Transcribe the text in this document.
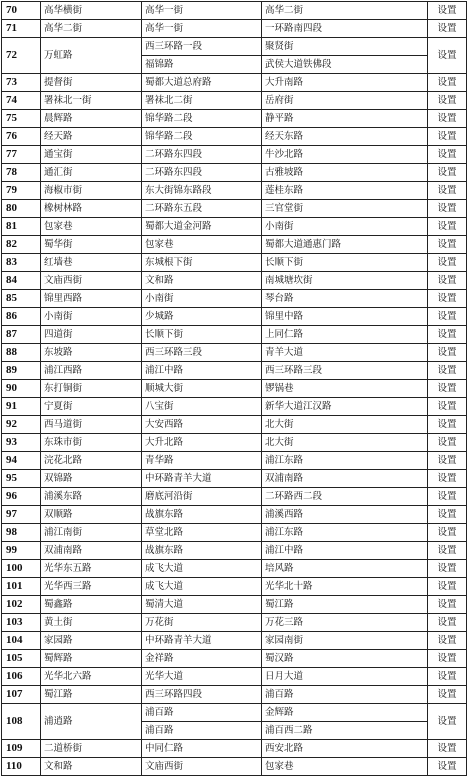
70	高华横街	高华一街	高华二街	设置
71	高华二街	高华一街	一环路南四段	设置
72	万虹路	西三环路一段	聚贤街	设置
		福锦路	武侯大道铁佛段	
73	提督街	蜀都大道总府路	大升南路	设置
74	署袜北一街	署袜北二街	岳府街	设置
75	晨辉路	锦华路二段	静平路	设置
76	经天路	锦华路二段	经天东路	设置
77	通宝街	二环路东四段	牛沙北路	设置
78	通汇街	二环路东四段	古雅坡路	设置
79	海椒市街	东大街锦东路段	莲桂东路	设置
80	橡树林路	二环路东五段	三官堂街	设置
81	包家巷	蜀都大道金河路	小南街	设置
82	蜀华街	包家巷	蜀都大道通惠门路	设置
83	红墙巷	东城根下街	长顺下街	设置
84	文庙西街	文和路	南城塘坎街	设置
85	锦里西路	小南街	琴台路	设置
86	小南街	少城路	锦里中路	设置
87	四道街	长顺下街	上同仁路	设置
88	东坡路	西三环路三段	青羊大道	设置
89	浦江西路	浦江中路	西三环路三段	设置
90	东打铜街	顺城大街	锣锅巷	设置
91	宁夏街	八宝街	新华大道江汉路	设置
92	西马道街	大安西路	北大街	设置
93	东珠市街	大升北路	北大街	设置
94	浣花北路	青华路	浦江东路	设置
95	双锦路	中环路青羊大道	双浦南路	设置
96	浦溪东路	磨底河沿街	二环路西二段	设置
97	双顺路	战旗东路	浦溪西路	设置
98	浦江南街	草堂北路	浦江东路	设置
99	双浦南路	战旗东路	浦江中路	设置
100	光华东五路	成飞大道	培风路	设置
101	光华西三路	成飞大道	光华北十路	设置
102	蜀鑫路	蜀清大道	蜀江路	设置
103	黄土街	万花街	万花三路	设置
104	家园路	中环路青羊大道	家园南街	设置
105	蜀辉路	金祥路	蜀汉路	设置
106	光华北六路	光华大道	日月大道	设置
107	蜀江路	西三环路四段	浦百路	设置
108	浦逍路	浦百路	金辉路	设置
		浦百路	浦百西二路	
109	二道桥街	中同仁路	西安北路	设置
110	文和路	文庙西街	包家巷	设置
